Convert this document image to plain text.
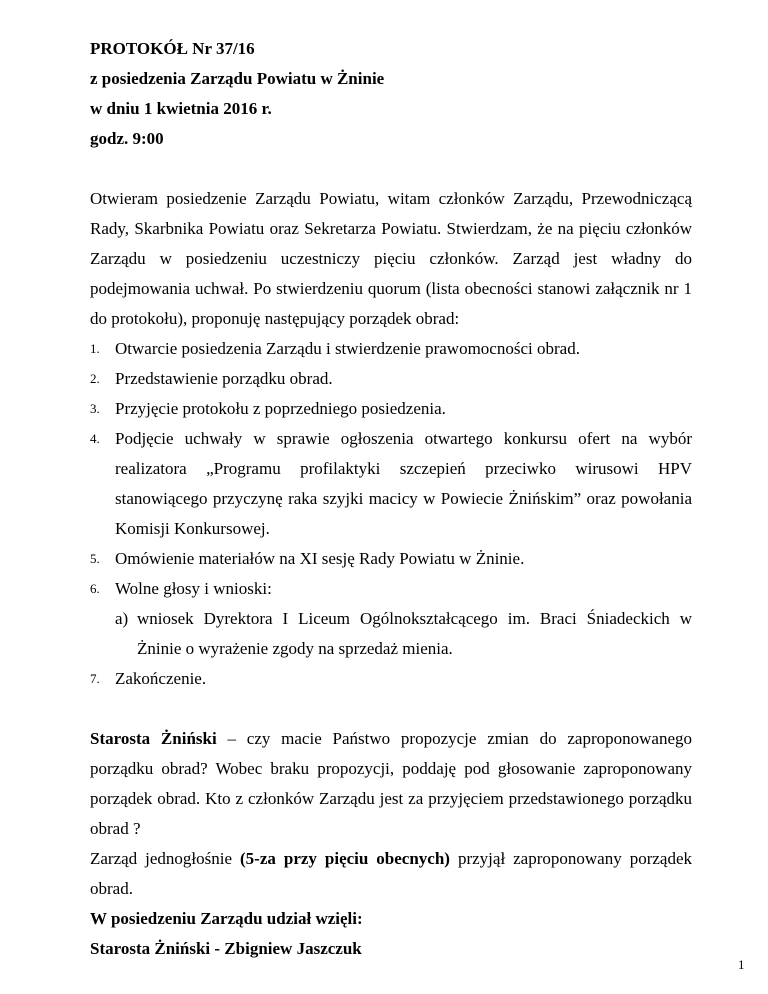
PROTOKÓŁ Nr 37/16

z posiedzenia Zarządu Powiatu w Żninie

w dniu 1 kwietnia 2016 r.

godz. 9:00

Otwieram posiedzenie Zarządu Powiatu, witam członków Zarządu, Przewodniczącą Rady, Skarbnika Powiatu oraz Sekretarza Powiatu. Stwierdzam, że na pięciu członków Zarządu w posiedzeniu uczestniczy pięciu członków. Zarząd jest władny do podejmowania uchwał. Po stwierdzeniu quorum (lista obecności stanowi załącznik nr 1 do protokołu), proponuję następujący porządek obrad:

1. Otwarcie posiedzenia Zarządu i stwierdzenie prawomocności obrad.
2. Przedstawienie porządku obrad.
3. Przyjęcie protokołu z poprzedniego posiedzenia.
4. Podjęcie uchwały w sprawie ogłoszenia otwartego konkursu ofert na wybór realizatora „Programu profilaktyki szczepień przeciwko wirusowi HPV stanowiącego przyczynę raka szyjki macicy w Powiecie Żnińskim” oraz powołania Komisji Konkursowej.
5. Omówienie materiałów na XI sesję Rady Powiatu w Żninie.
6. Wolne głosy i wnioski:
a) wniosek Dyrektora I Liceum Ogólnokształcącego im. Braci Śniadeckich w Żninie o wyrażenie zgody na sprzedaż mienia.
7. Zakończenie.

Starosta Żniński – czy macie Państwo propozycje zmian do zaproponowanego porządku obrad? Wobec braku propozycji, poddaję pod głosowanie zaproponowany porządek obrad. Kto z członków Zarządu jest za przyjęciem przedstawionego porządku obrad ?

Zarząd jednogłośnie (5-za przy pięciu obecnych) przyjął zaproponowany porządek obrad.

W posiedzeniu Zarządu udział wzięli:

Starosta Żniński - Zbigniew Jaszczuk

1
